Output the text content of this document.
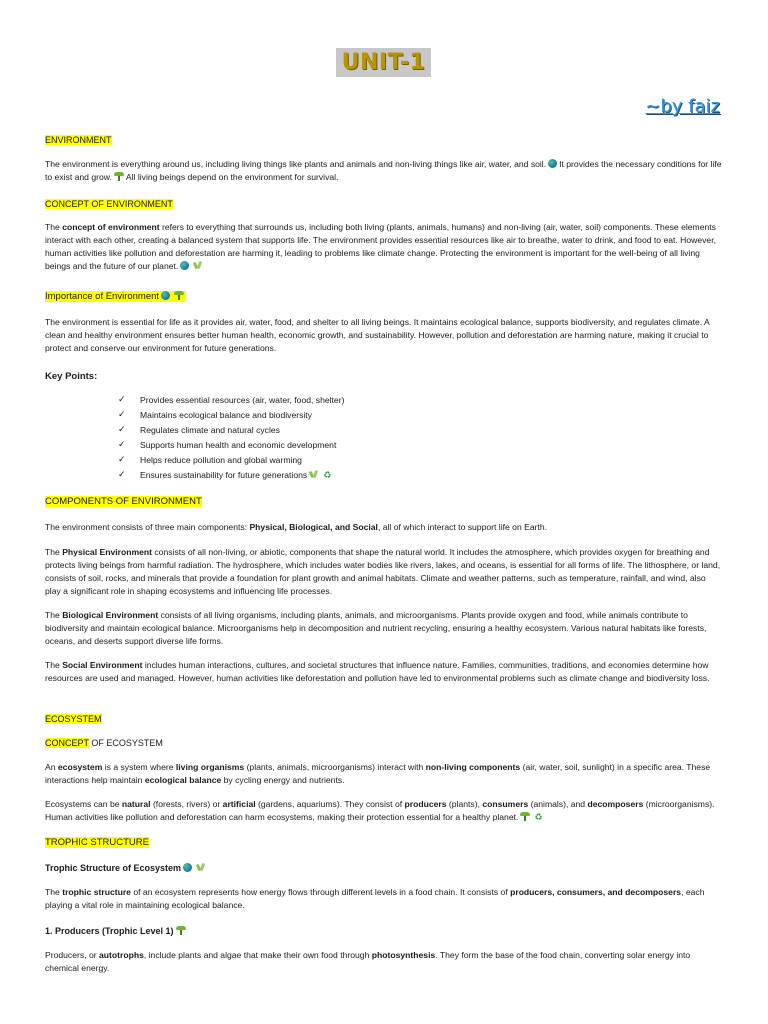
UNIT-1
~by faiz
ENVIRONMENT

The environment is everything around us, including living things like plants and animals and non-living things like air, water, and soil. It provides the necessary conditions for life to exist and grow. All living beings depend on the environment for survival.

CONCEPT OF ENVIRONMENT

The concept of environment refers to everything that surrounds us, including both living (plants, animals, humans) and non-living (air, water, soil) components. These elements interact with each other, creating a balanced system that supports life. The environment provides essential resources like air to breathe, water to drink, and food to eat. However, human activities like pollution and deforestation are harming it, leading to problems like climate change. Protecting the environment is important for the well-being of all living beings and the future of our planet.

Importance of Environment

The environment is essential for life as it provides air, water, food, and shelter to all living beings. It maintains ecological balance, supports biodiversity, and regulates climate. A clean and healthy environment ensures better human health, economic growth, and sustainability. However, pollution and deforestation are harming nature, making it crucial to protect and conserve our environment for future generations.

Key Points:
✓ Provides essential resources (air, water, food, shelter)
✓ Maintains ecological balance and biodiversity
✓ Regulates climate and natural cycles
✓ Supports human health and economic development
✓ Helps reduce pollution and global warming
✓ Ensures sustainability for future generations ♻
COMPONENTS OF ENVIRONMENT

The environment consists of three main components: Physical, Biological, and Social, all of which interact to support life on Earth.

The Physical Environment consists of all non-living, or abiotic, components that shape the natural world. It includes the atmosphere, which provides oxygen for breathing and protects living beings from harmful radiation. The hydrosphere, which includes water bodies like rivers, lakes, and oceans, is essential for all forms of life. The lithosphere, or land, consists of soil, rocks, and minerals that provide a foundation for plant growth and animal habitats. Climate and weather patterns, such as temperature, rainfall, and wind, also play a significant role in shaping ecosystems and influencing life processes.

The Biological Environment consists of all living organisms, including plants, animals, and microorganisms. Plants provide oxygen and food, while animals contribute to biodiversity and maintain ecological balance. Microorganisms help in decomposition and nutrient recycling, ensuring a healthy ecosystem. Various natural habitats like forests, oceans, and deserts support diverse life forms.

The Social Environment includes human interactions, cultures, and societal structures that influence nature. Families, communities, traditions, and economies determine how resources are used and managed. However, human activities like deforestation and pollution have led to environmental problems such as climate change and biodiversity loss.

ECOSYSTEM
CONCEPT OF ECOSYSTEM

An ecosystem is a system where living organisms (plants, animals, microorganisms) interact with non-living components (air, water, soil, sunlight) in a specific area. These interactions help maintain ecological balance by cycling energy and nutrients.

Ecosystems can be natural (forests, rivers) or artificial (gardens, aquariums). They consist of producers (plants), consumers (animals), and decomposers (microorganisms). Human activities like pollution and deforestation can harm ecosystems, making their protection essential for a healthy planet. ♻

TROPHIC STRUCTURE
Trophic Structure of Ecosystem

The trophic structure of an ecosystem represents how energy flows through different levels in a food chain. It consists of producers, consumers, and decomposers, each playing a vital role in maintaining ecological balance.

1. Producers (Trophic Level 1)

Producers, or autotrophs, include plants and algae that make their own food through photosynthesis. They form the base of the food chain, converting solar energy into chemical energy.
